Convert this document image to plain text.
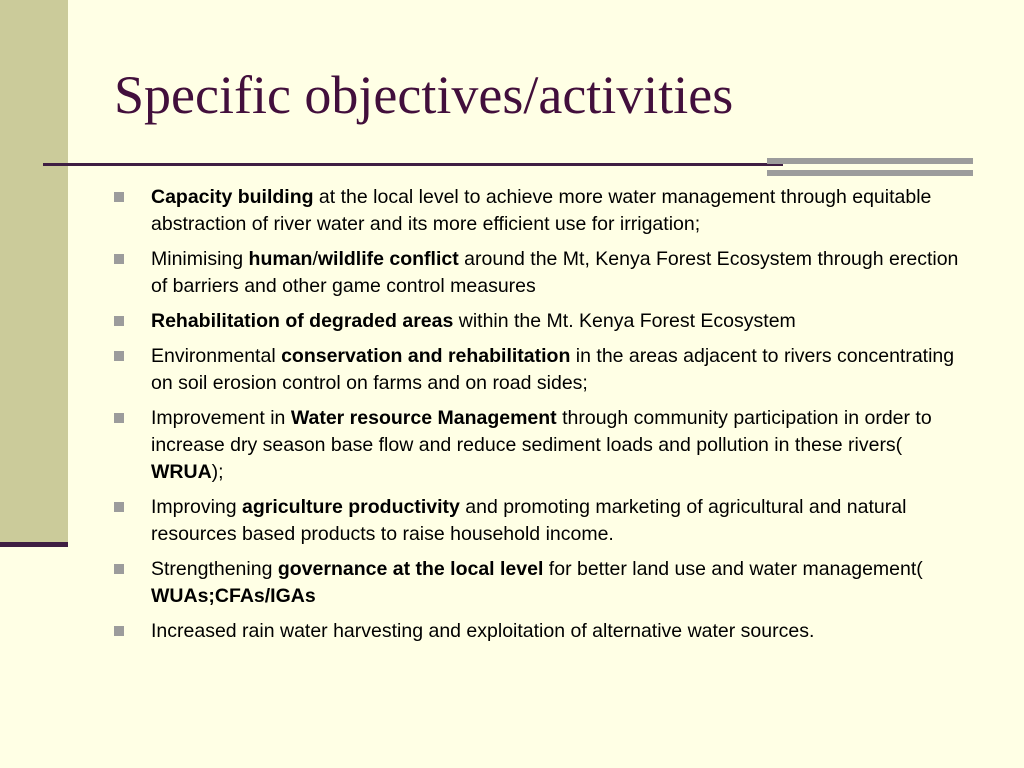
Specific objectives/activities
Capacity building at the local level to achieve more water management through equitable abstraction of river water and its more efficient use for irrigation;
Minimising human/wildlife conflict around the Mt, Kenya Forest Ecosystem through erection of barriers and other game control measures
Rehabilitation of degraded areas within the Mt. Kenya Forest Ecosystem
Environmental conservation and rehabilitation in the areas adjacent to rivers concentrating on soil erosion control on farms and on road sides;
Improvement in Water resource Management through community participation in order to increase dry season base flow and reduce sediment loads and pollution in these rivers( WRUA);
Improving agriculture productivity and promoting marketing of agricultural and natural resources based products to raise household income.
Strengthening governance at the local level for better land use and water management( WUAs;CFAs/IGAs
Increased rain water harvesting and exploitation of alternative water sources.
